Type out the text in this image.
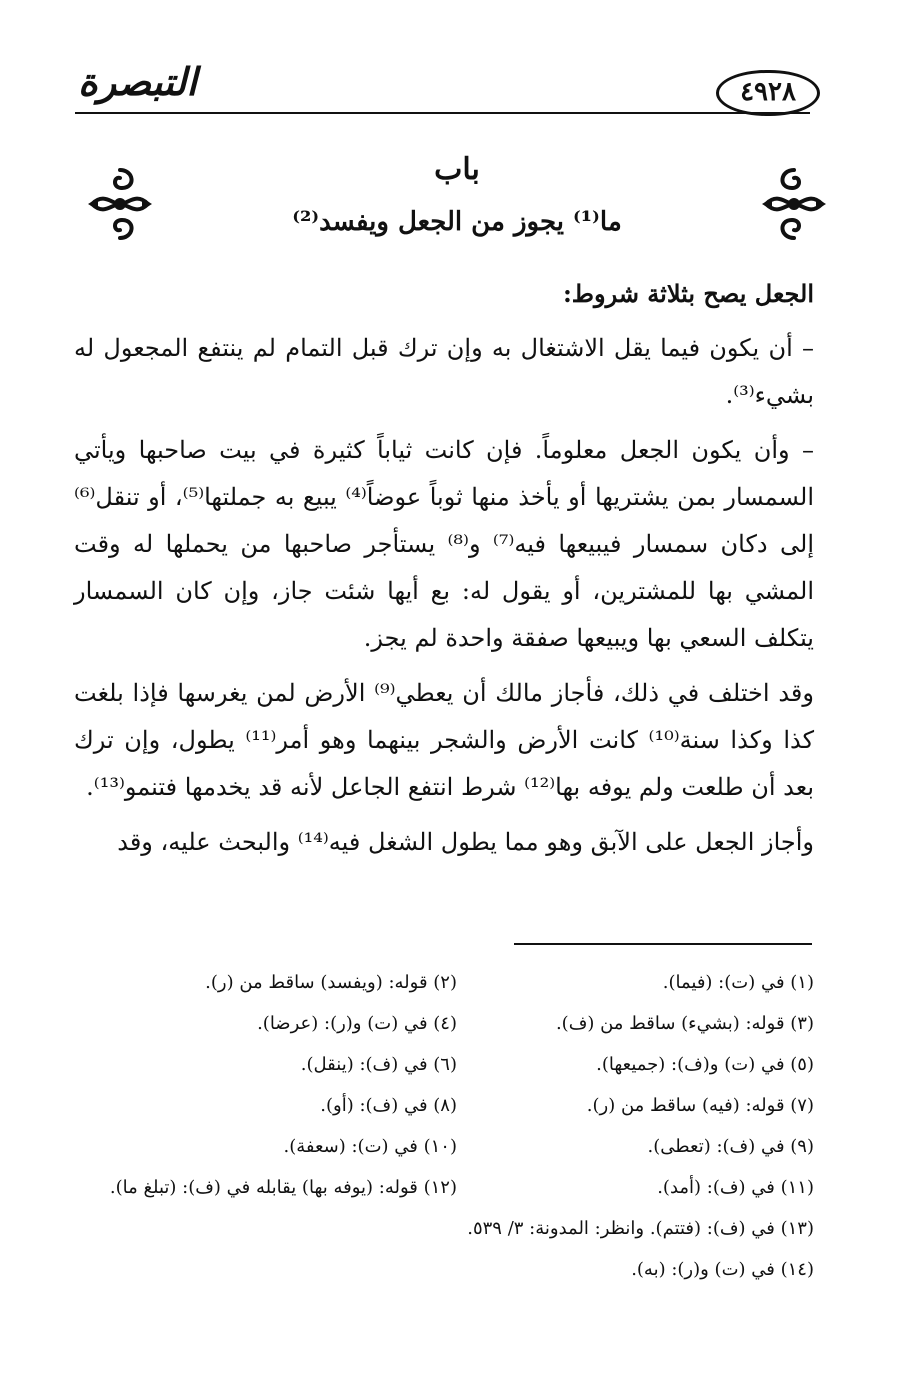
التبصرة	٤٩٢٨
باب
ما⁽¹⁾ يجوز من الجعل ويفسد⁽²⁾

الجعل يصح بثلاثة شروط:

– أن يكون فيما يقل الاشتغال به وإن ترك قبل التمام لم ينتفع المجعول له بشيء⁽³⁾.

– وأن يكون الجعل معلوماً. فإن كانت ثياباً كثيرة في بيت صاحبها ويأتي السمسار بمن يشتريها أو يأخذ منها ثوباً عوضاً⁽⁴⁾ يبيع به جملتها⁽⁵⁾، أو تنقل⁽⁶⁾ إلى دكان سمسار فيبيعها فيه⁽⁷⁾ و⁽⁸⁾ يستأجر صاحبها من يحملها له وقت المشي بها للمشترين، أو يقول له: بع أيها شئت جاز، وإن كان السمسار يتكلف السعي بها ويبيعها صفقة واحدة لم يجز.

وقد اختلف في ذلك، فأجاز مالك أن يعطي⁽⁹⁾ الأرض لمن يغرسها فإذا بلغت كذا وكذا سنة⁽¹⁰⁾ كانت الأرض والشجر بينهما وهو أمر⁽¹¹⁾ يطول، وإن ترك بعد أن طلعت ولم يوفه بها⁽¹²⁾ شرط انتفع الجاعل لأنه قد يخدمها فتنمو⁽¹³⁾.

وأجاز الجعل على الآبق وهو مما يطول الشغل فيه⁽¹⁴⁾ والبحث عليه، وقد

(١) في (ت): (فيما).
(٢) قوله: (ويفسد) ساقط من (ر).
(٣) قوله: (بشيء) ساقط من (ف).
(٤) في (ت) و(ر): (عرضا).
(٥) في (ت) و(ف): (جميعها).
(٦) في (ف): (ينقل).
(٧) قوله: (فيه) ساقط من (ر).
(٨) في (ف): (أو).
(٩) في (ف): (تعطى).
(١٠) في (ت): (سعفة).
(١١) في (ف): (أمد).
(١٢) قوله: (يوفه بها) يقابله في (ف): (تبلغ ما).
(١٣) في (ف): (فتتم). وانظر: المدونة: ٣/ ٥٣٩.
(١٤) في (ت) و(ر): (به).
